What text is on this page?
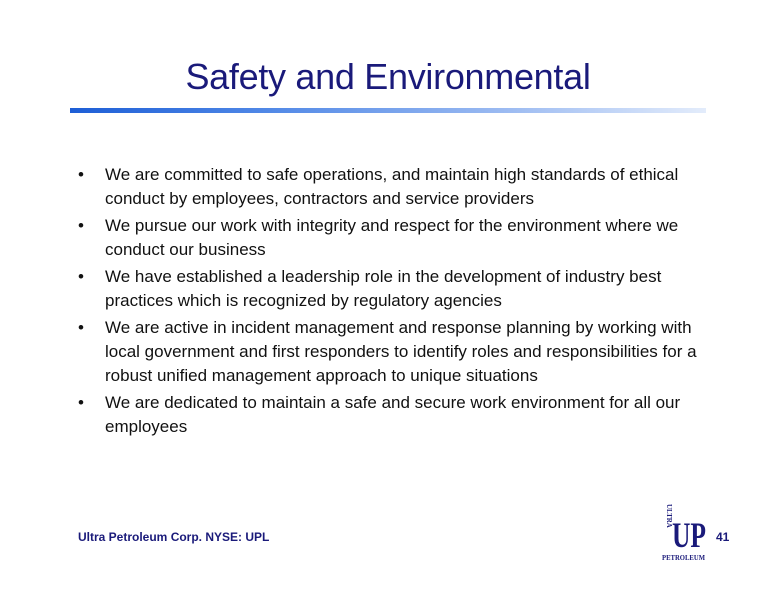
Safety and Environmental
•	We are committed to safe operations, and maintain high standards of ethical conduct by employees, contractors and service providers
•	We pursue our work with integrity and respect for the environment where we conduct our business
•	We have established a leadership role in the development of industry best practices which is recognized by regulatory agencies
•	We are active in incident management and response planning by working with local government and first responders to identify roles and responsibilities for a robust unified management approach to unique situations
•	We are dedicated to maintain a safe and secure work environment for all our employees
Ultra Petroleum Corp. NYSE: UPL
ULTRA UP
PETROLEUM
41
